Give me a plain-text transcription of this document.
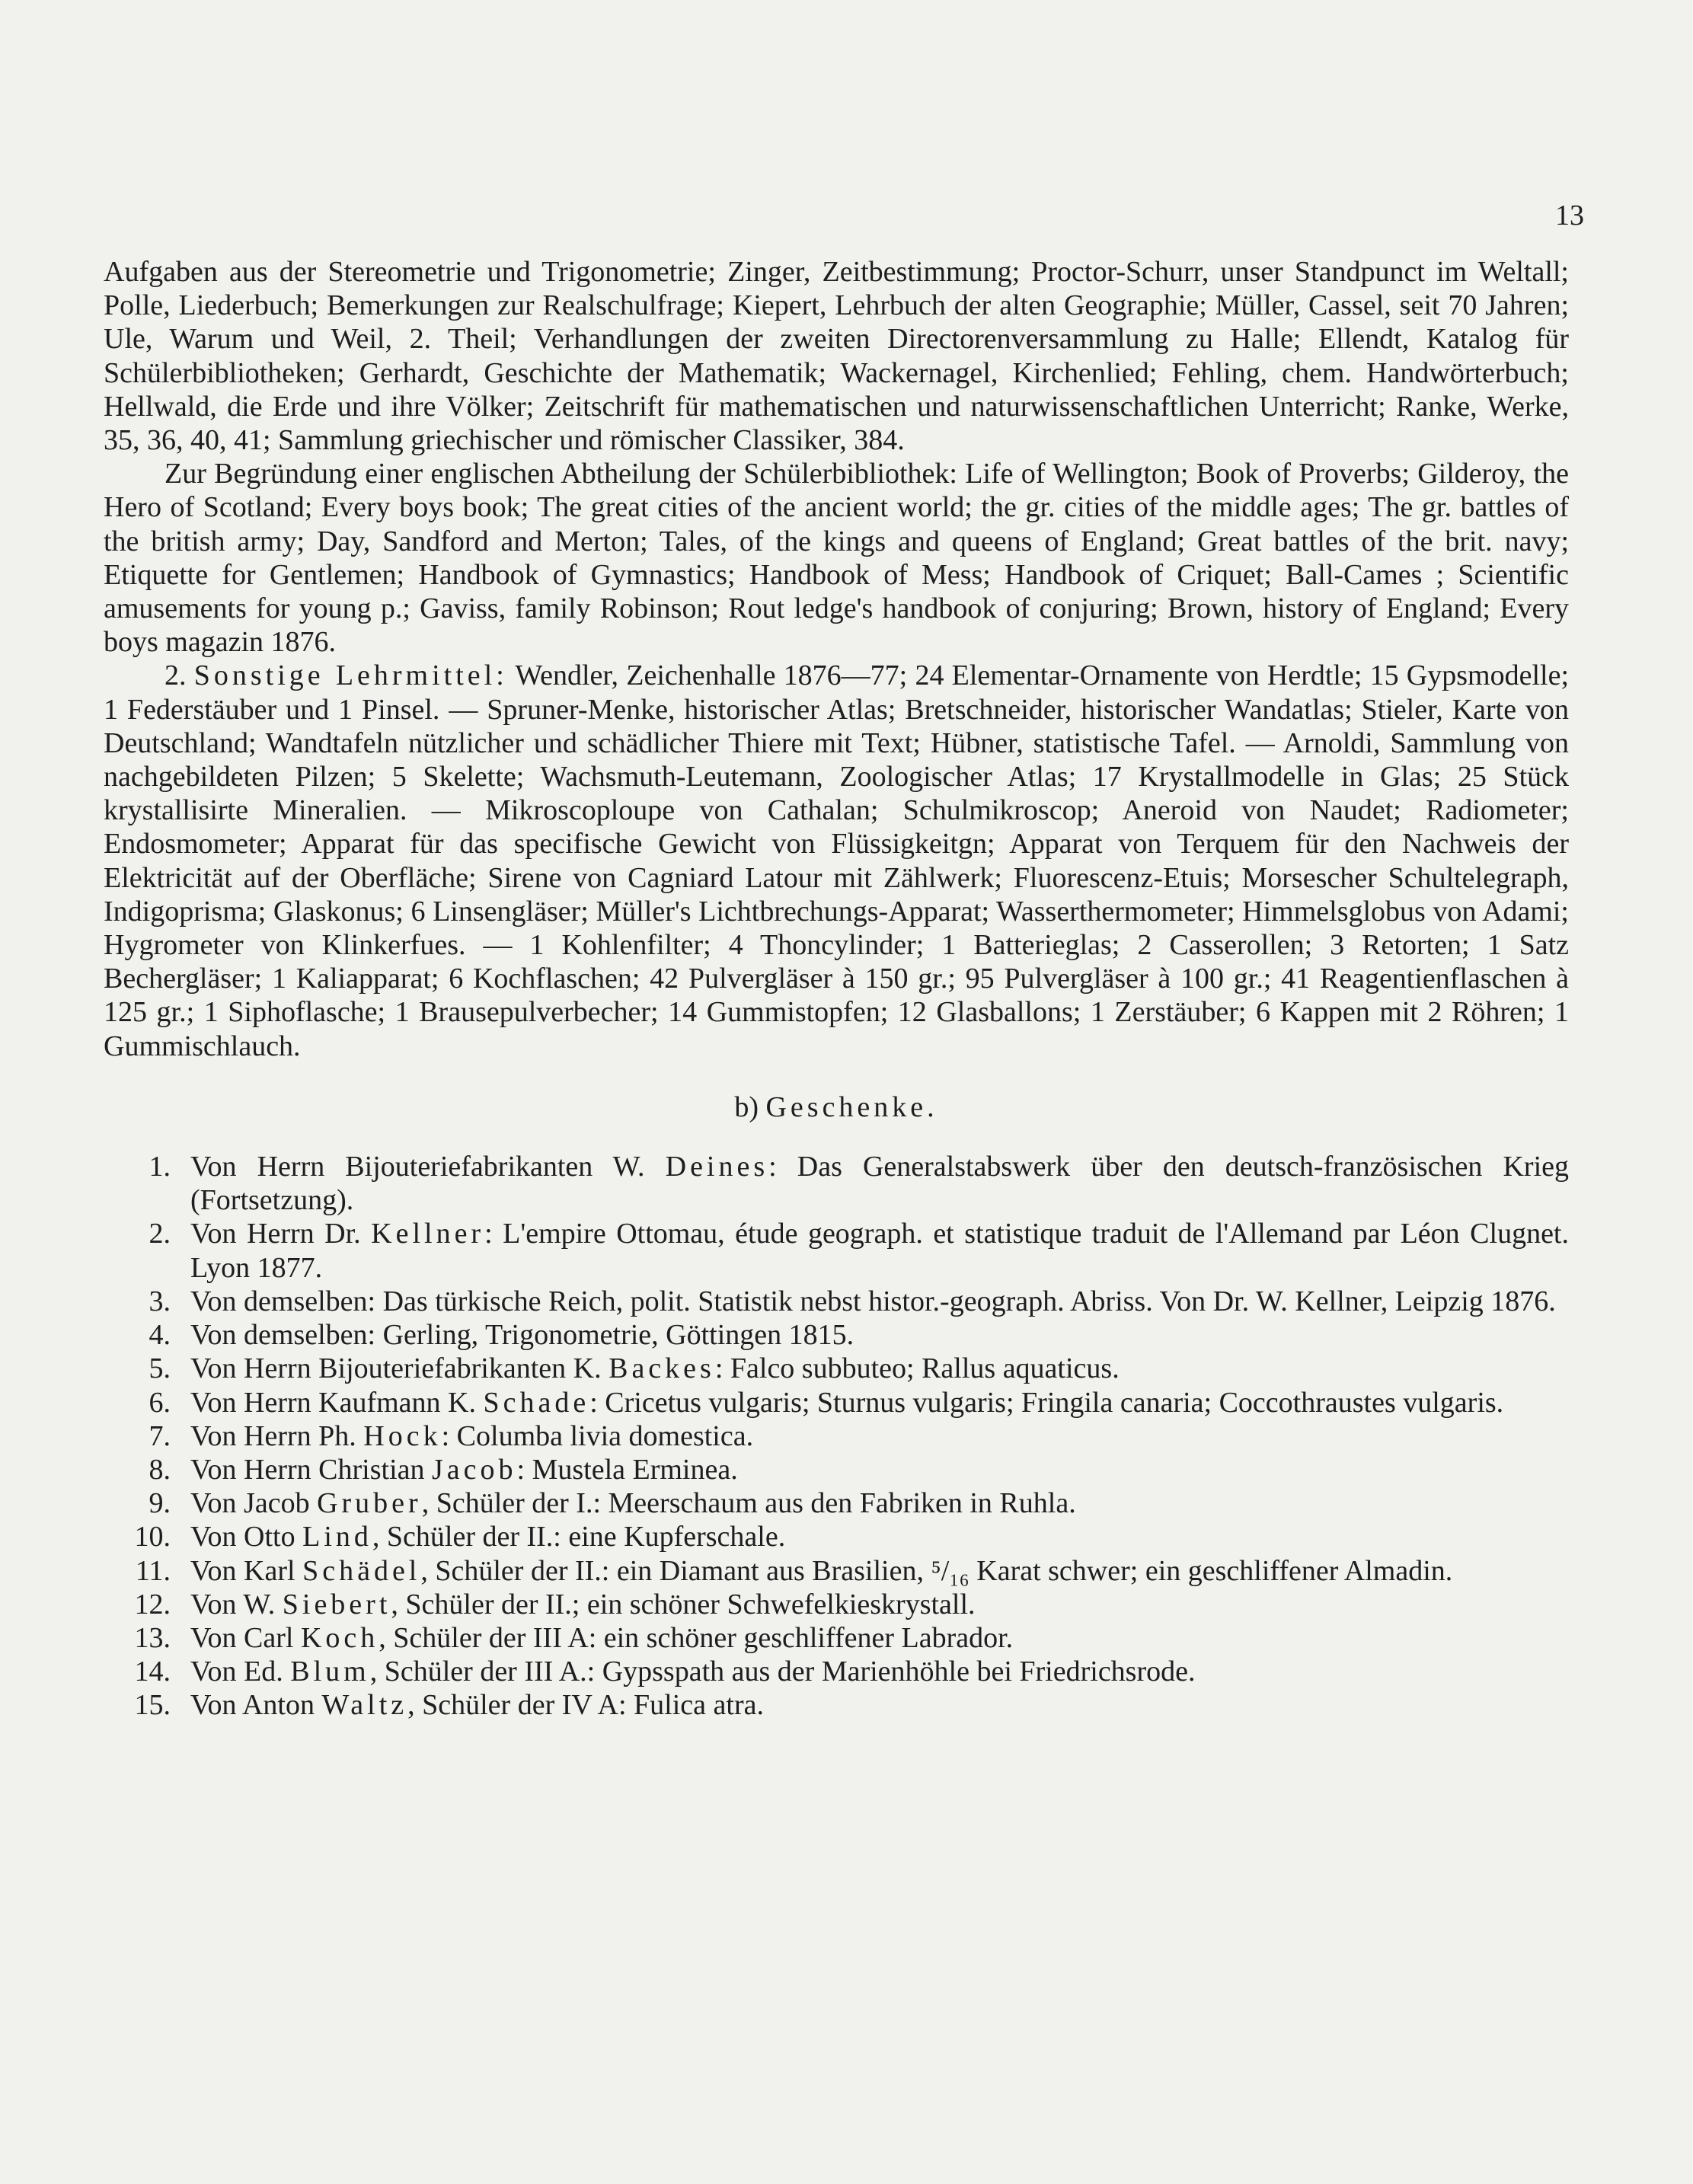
13

Aufgaben aus der Stereometrie und Trigonometrie; Zinger, Zeitbestimmung; Proctor-Schurr, unser Standpunct im Weltall; Polle, Liederbuch; Bemerkungen zur Realschulfrage; Kiepert, Lehrbuch der alten Geographie; Müller, Cassel, seit 70 Jahren; Ule, Warum und Weil, 2. Theil; Verhandlungen der zweiten Directorenversammlung zu Halle; Ellendt, Katalog für Schülerbibliotheken; Gerhardt, Geschichte der Mathematik; Wackernagel, Kirchenlied; Fehling, chem. Handwörterbuch; Hellwald, die Erde und ihre Völker; Zeitschrift für mathematischen und naturwissenschaftlichen Unterricht; Ranke, Werke, 35, 36, 40, 41; Sammlung griechischer und römischer Classiker, 384.

Zur Begründung einer englischen Abtheilung der Schülerbibliothek: Life of Wellington; Book of Proverbs; Gilderoy, the Hero of Scotland; Every boys book; The great cities of the ancient world; the gr. cities of the middle ages; The gr. battles of the british army; Day, Sandford and Merton; Tales, of the kings and queens of England; Great battles of the brit. navy; Etiquette for Gentlemen; Handbook of Gymnastics; Handbook of Mess; Handbook of Criquet; Ball-Cames ; Scientific amusements for young p.; Gaviss, family Robinson; Rout ledge's handbook of conjuring; Brown, history of England; Every boys magazin 1876.

2. Sonstige Lehrmittel: Wendler, Zeichenhalle 1876—77; 24 Elementar-Ornamente von Herdtle; 15 Gypsmodelle; 1 Federstäuber und 1 Pinsel. — Spruner-Menke, historischer Atlas; Bretschneider, historischer Wandatlas; Stieler, Karte von Deutschland; Wandtafeln nützlicher und schädlicher Thiere mit Text; Hübner, statistische Tafel. — Arnoldi, Sammlung von nachgebildeten Pilzen; 5 Skelette; Wachsmuth-Leutemann, Zoologischer Atlas; 17 Krystallmodelle in Glas; 25 Stück krystallisirte Mineralien. — Mikroscoploupe von Cathalan; Schulmikroscop; Aneroid von Naudet; Radiometer; Endosmometer; Apparat für das specifische Gewicht von Flüssigkeitgn; Apparat von Terquem für den Nachweis der Elektricität auf der Oberfläche; Sirene von Cagniard Latour mit Zählwerk; Fluorescenz-Etuis; Morsescher Schultelegraph, Indigoprisma; Glaskonus; 6 Linsengläser; Müller's Lichtbrechungs-Apparat; Wasserthermometer; Himmelsglobus von Adami; Hygrometer von Klinkerfues. — 1 Kohlenfilter; 4 Thoncylinder; 1 Batterieglas; 2 Casserollen; 3 Retorten; 1 Satz Bechergläser; 1 Kaliapparat; 6 Kochflaschen; 42 Pulvergläser à 150 gr.; 95 Pulvergläser à 100 gr.; 41 Reagentienflaschen à 125 gr.; 1 Siphoflasche; 1 Brausepulverbecher; 14 Gummistopfen; 12 Glasballons; 1 Zerstäuber; 6 Kappen mit 2 Röhren; 1 Gummischlauch.

b) Geschenke.
1. Von Herrn Bijouteriefabrikanten W. Deines: Das Generalstabswerk über den deutsch-französischen Krieg (Fortsetzung).
2. Von Herrn Dr. Kellner: L'empire Ottomau, étude geograph. et statistique traduit de l'Allemand par Léon Clugnet. Lyon 1877.
3. Von demselben: Das türkische Reich, polit. Statistik nebst histor.-geograph. Abriss. Von Dr. W. Kellner, Leipzig 1876.
4. Von demselben: Gerling, Trigonometrie, Göttingen 1815.
5. Von Herrn Bijouteriefabrikanten K. Backes: Falco subbuteo; Rallus aquaticus.
6. Von Herrn Kaufmann K. Schade: Cricetus vulgaris; Sturnus vulgaris; Fringila canaria; Coccothraustes vulgaris.
7. Von Herrn Ph. Hock: Columba livia domestica.
8. Von Herrn Christian Jacob: Mustela Erminea.
9. Von Jacob Gruber, Schüler der I.: Meerschaum aus den Fabriken in Ruhla.
10. Von Otto Lind, Schüler der II.: eine Kupferschale.
11. Von Karl Schädel, Schüler der II.: ein Diamant aus Brasilien, ⁵/₁₆ Karat schwer; ein geschliffener Almadin.
12. Von W. Siebert, Schüler der II.; ein schöner Schwefelkieskrystall.
13. Von Carl Koch, Schüler der III A: ein schöner geschliffener Labrador.
14. Von Ed. Blum, Schüler der III A.: Gypsspath aus der Marienhöhle bei Friedrichsrode.
15. Von Anton Waltz, Schüler der IV A: Fulica atra.
